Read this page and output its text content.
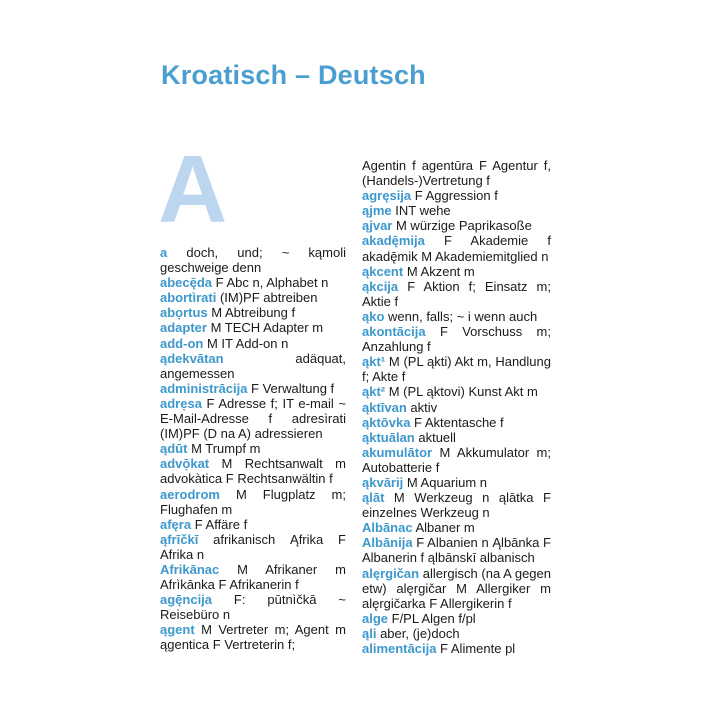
Kroatisch – Deutsch
A
a doch, und; ~ kąmoli geschweige denn
abecę̄da F Abc n, Alphabet n
abortìrati (IM)PF abtreiben
abọrtus M Abtreibung f
adapter M TECH Adapter m
add-on M IT Add-on n
ądekvātan adäquat, angemessen
administrācija F Verwaltung f
adrẹsa F Adresse f; IT e-mail ~ E-Mail-Adresse f adresìrati (IM)PF (D na A) adressieren
ądūt M Trumpf m
advọ̄kat M Rechtsanwalt m advokàtica F Rechtsanwältin f
aerodrom M Flugplatz m; Flughafen m
afęra F Affäre f
ąfrīčkī afrikanisch Ąfrika F Afrika n
Afrikānac M Afrikaner m Afrìkānka F Afrikanerin f
agę̄ncija F: pūtnìčkā ~ Reisebüro n
ągent M Vertreter m; Agent m ągentica F Vertreterin f;
Agentin f agentūra F Agentur f, (Handels-)Vertretung f
agręsija F Aggression f
ąjme INT wehe
ąjvar M würzige Paprikasoße
akadę̄mija F Akademie f akadę̄mik M Akademiemitglied n
ąkcent M Akzent m
ąkcija F Aktion f; Einsatz m; Aktie f
ąko wenn, falls; ~ i wenn auch
akontācija F Vorschuss m; Anzahlung f
ąkt¹ M (PL ąkti) Akt m, Handlung f; Akte f
ąkt² M (PL ąktovi) Kunst Akt m
ąktīvan aktiv
ąktōvka F Aktentasche f
ąktuālan aktuell
akumulātor M Akkumulator m; Autobatterie f
ąkvārij M Aquarium n
ąlāt M Werkzeug n ąlātka F einzelnes Werkzeug n
Albānac Albaner m
Albānija F Albanien n Ąlbānka F Albanerin f ąlbānskī albanisch
alęrgičan allergisch (na A gegen etw) alęrgičar M Allergiker m alęrgičarka F Allergikerin f
alge F/PL Algen f/pl
ąli aber, (je)doch
alimentācija F Alimente pl
